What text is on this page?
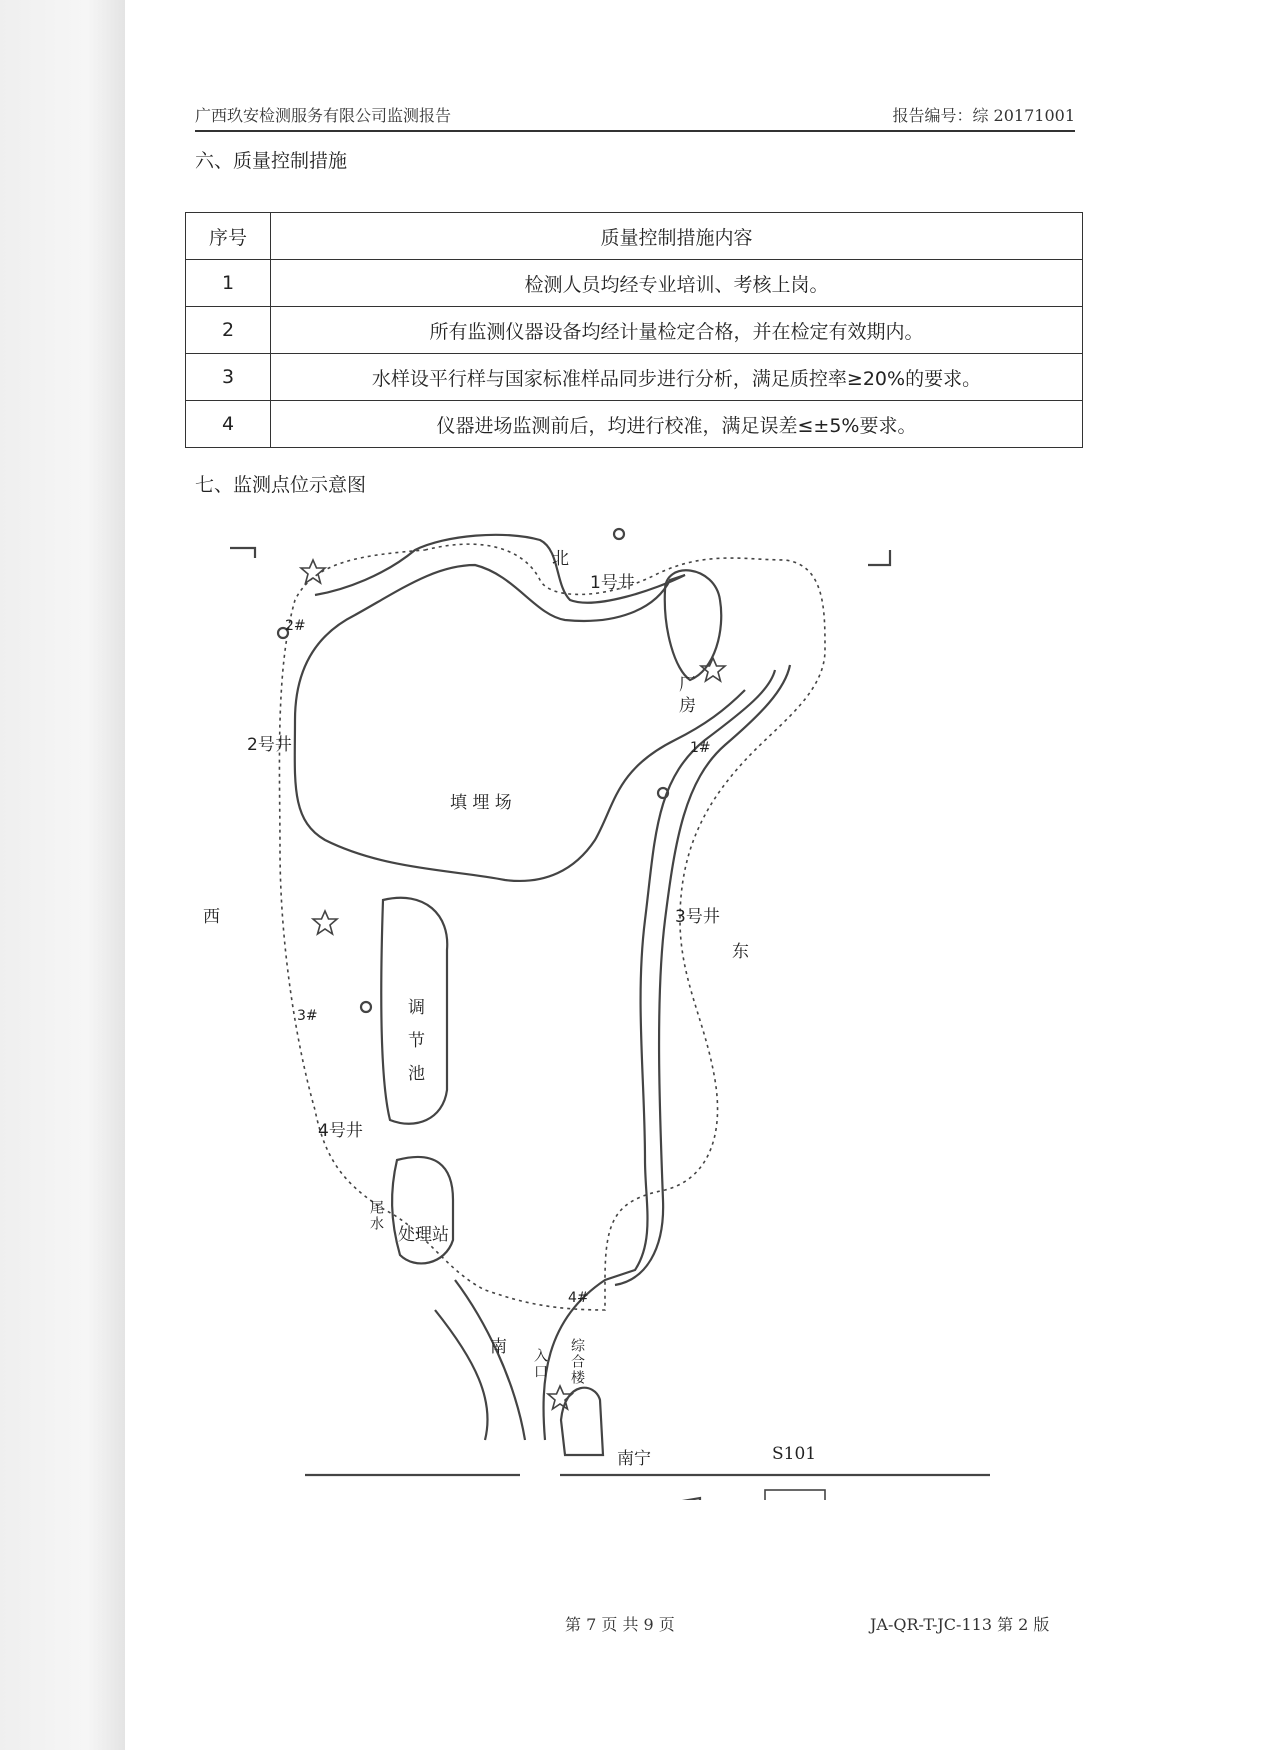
广西玖安检测服务有限公司监测报告	报告编号：综 20171001
六、质量控制措施
序号	质量控制措施内容
1	检测人员均经专业培训、考核上岗。
2	所有监测仪器设备均经计量检定合格，并在检定有效期内。
3	水样设平行样与国家标准样品同步进行分析，满足质控率≥20%的要求。
4	仪器进场监测前后，均进行校准，满足误差≤±5%要求。
七、监测点位示意图
北
1号井
2#
2号井
厂房
1#
填 埋 场
3号井
西
东
3#	调节池
4号井
尾水
处理站
4#
南
入口 综合楼
南宁	S101
第 7 页 共 9 页	JA-QR-T-JC-113 第 2 版
